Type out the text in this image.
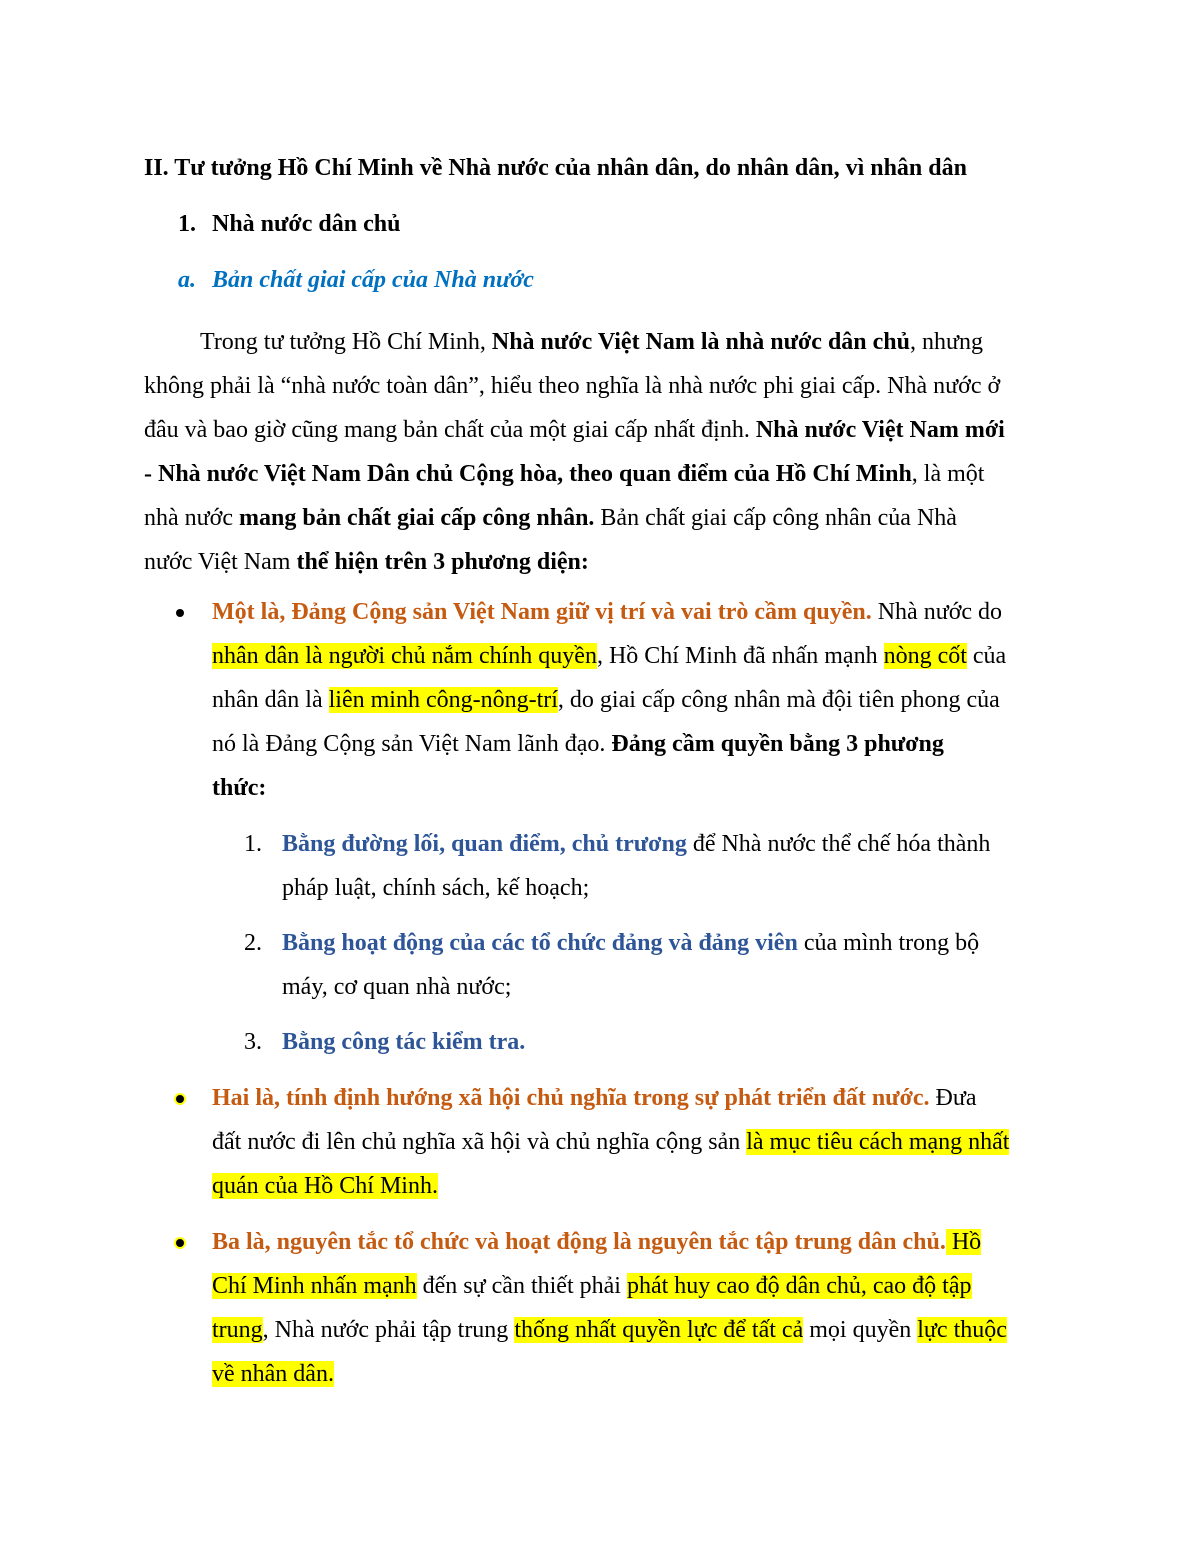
II. Tư tưởng Hồ Chí Minh về Nhà nước của nhân dân, do nhân dân, vì nhân dân
1. Nhà nước dân chủ
a. Bản chất giai cấp của Nhà nước
Trong tư tưởng Hồ Chí Minh, Nhà nước Việt Nam là nhà nước dân chủ, nhưng
không phải là “nhà nước toàn dân”, hiểu theo nghĩa là nhà nước phi giai cấp. Nhà nước ở
đâu và bao giờ cũng mang bản chất của một giai cấp nhất định. Nhà nước Việt Nam mới
- Nhà nước Việt Nam Dân chủ Cộng hòa, theo quan điểm của Hồ Chí Minh, là một
nhà nước mang bản chất giai cấp công nhân. Bản chất giai cấp công nhân của Nhà
nước Việt Nam thể hiện trên 3 phương diện:
Một là, Đảng Cộng sản Việt Nam giữ vị trí và vai trò cầm quyền. Nhà nước do
nhân dân là người chủ nắm chính quyền, Hồ Chí Minh đã nhấn mạnh nòng cốt của
nhân dân là liên minh công-nông-trí, do giai cấp công nhân mà đội tiên phong của
nó là Đảng Cộng sản Việt Nam lãnh đạo. Đảng cầm quyền bằng 3 phương
thức:
1. Bằng đường lối, quan điểm, chủ trương để Nhà nước thể chế hóa thành
pháp luật, chính sách, kế hoạch;
2. Bằng hoạt động của các tổ chức đảng và đảng viên của mình trong bộ
máy, cơ quan nhà nước;
3. Bằng công tác kiểm tra.
Hai là, tính định hướng xã hội chủ nghĩa trong sự phát triển đất nước. Đưa
đất nước đi lên chủ nghĩa xã hội và chủ nghĩa cộng sản là mục tiêu cách mạng nhất
quán của Hồ Chí Minh.
Ba là, nguyên tắc tổ chức và hoạt động là nguyên tắc tập trung dân chủ. Hồ
Chí Minh nhấn mạnh đến sự cần thiết phải phát huy cao độ dân chủ, cao độ tập
trung, Nhà nước phải tập trung thống nhất quyền lực để tất cả mọi quyền lực thuộc
về nhân dân.
